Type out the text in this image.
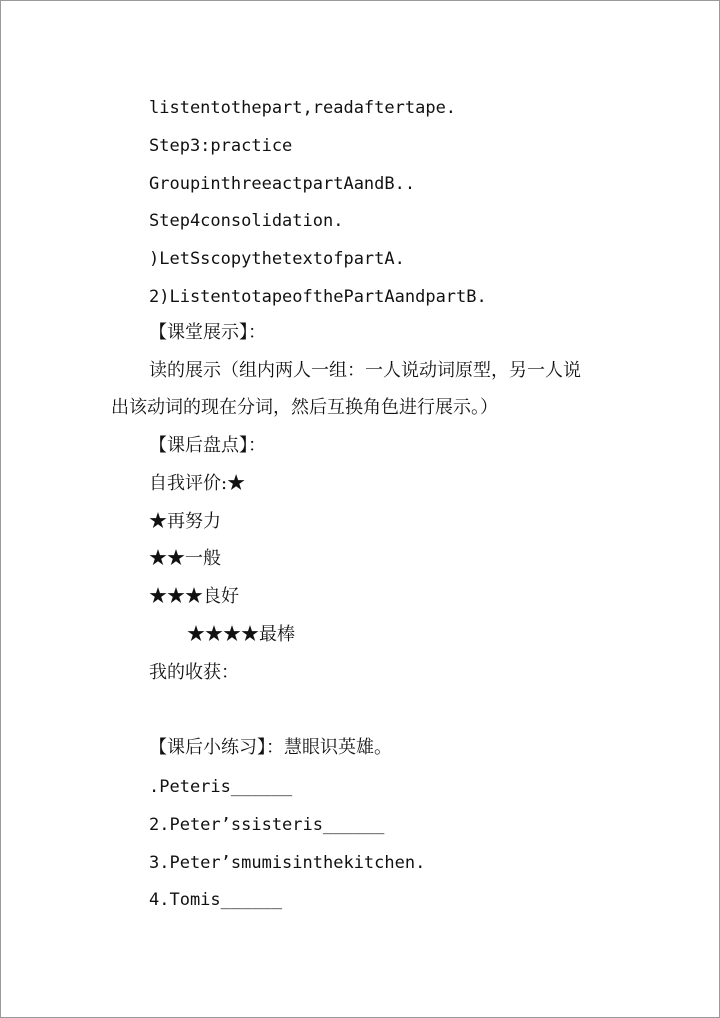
listentothepart,readaftertape.
Step3:practice
GroupinthreeactpartAandB..
Step4consolidation.
)LetSscopythetextofpartA.
2)ListentotapeofthePartAandpartB.
【课堂展示】：
读的展示（组内两人一组：一人说动词原型，另一人说
出该动词的现在分词，然后互换角色进行展示。）
【课后盘点】：
自我评价:★
★再努力
★★一般
★★★良好
★★★★最棒
我的收获：
【课后小练习】：慧眼识英雄。
.Peteris______
2.Peter’ssisteris______
3.Peter’smumisinthekitchen.
4.Tomis______
